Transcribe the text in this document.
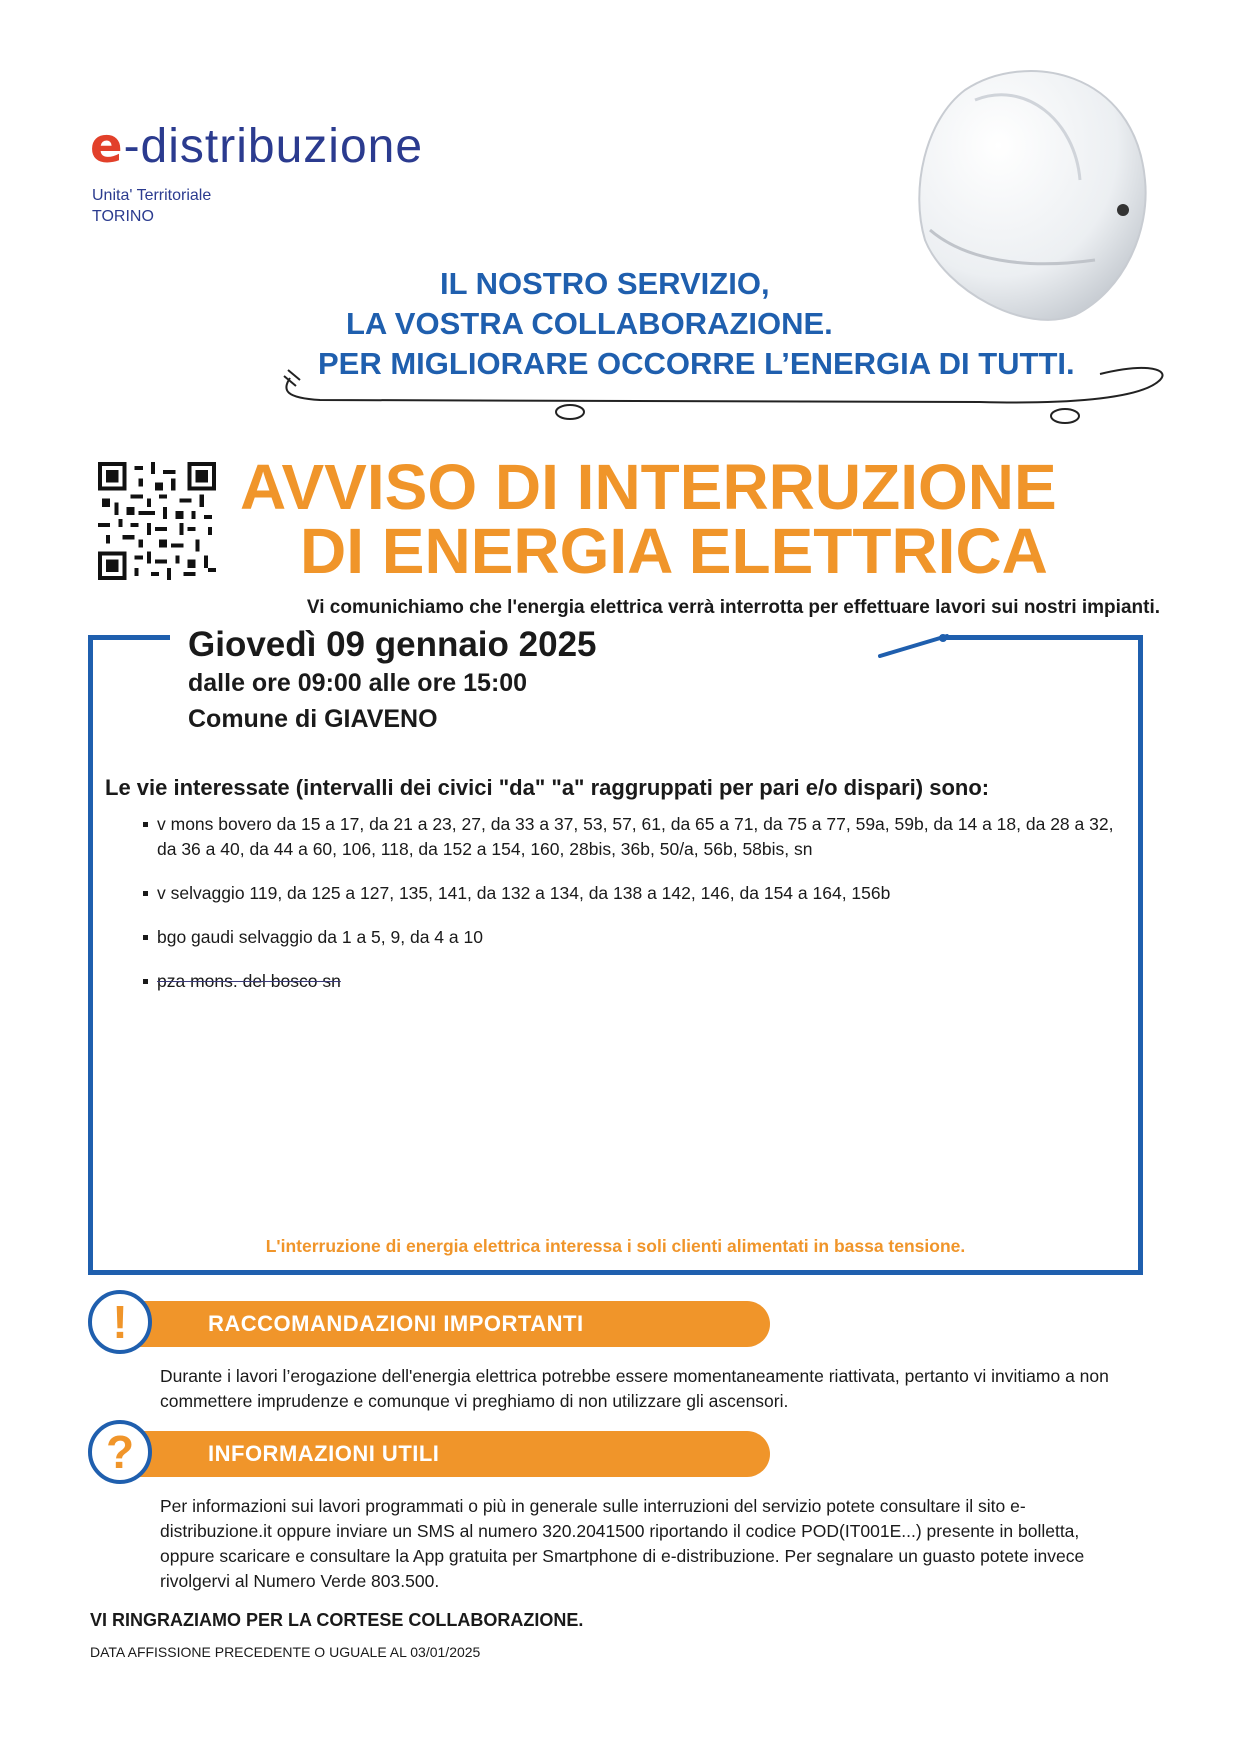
e-distribuzione
Unita' Territoriale
TORINO
IL NOSTRO SERVIZIO,
LA VOSTRA COLLABORAZIONE.
PER MIGLIORARE OCCORRE L’ENERGIA DI TUTTI.
AVVISO DI INTERRUZIONE
DI ENERGIA ELETTRICA
Vi comunichiamo che l'energia elettrica verrà interrotta per effettuare lavori sui nostri impianti.
Giovedì 09 gennaio 2025
dalle ore 09:00 alle ore 15:00
Comune di GIAVENO
Le vie interessate (intervalli dei civici "da" "a" raggruppati per pari e/o dispari) sono:
v mons bovero da 15 a 17, da 21 a 23, 27, da 33 a 37, 53, 57, 61, da 65 a 71, da 75 a 77, 59a, 59b, da 14 a 18, da 28 a 32, da 36 a 40, da 44 a 60, 106, 118, da 152 a 154, 160, 28bis, 36b, 50/a, 56b, 58bis, sn
v selvaggio 119, da 125 a 127, 135, 141, da 132 a 134, da 138 a 142, 146, da 154 a 164, 156b
bgo gaudi selvaggio da 1 a 5, 9, da 4 a 10
pza mons. del bosco sn
L'interruzione di energia elettrica interessa i soli clienti alimentati in bassa tensione.
RACCOMANDAZIONI IMPORTANTI
!
Durante i lavori l’erogazione dell'energia elettrica potrebbe essere momentaneamente riattivata, pertanto vi invitiamo a non commettere imprudenze e comunque vi preghiamo di non utilizzare gli ascensori.
INFORMAZIONI UTILI
?
Per informazioni sui lavori programmati o più in generale sulle interruzioni del servizio potete consultare il sito e-distribuzione.it oppure inviare un SMS al numero 320.2041500 riportando il codice POD(IT001E...) presente in bolletta, oppure scaricare e consultare la App gratuita per Smartphone di e-distribuzione. Per segnalare un guasto potete invece rivolgervi al Numero Verde 803.500.
VI RINGRAZIAMO PER LA CORTESE COLLABORAZIONE.
DATA AFFISSIONE PRECEDENTE O UGUALE AL 03/01/2025
